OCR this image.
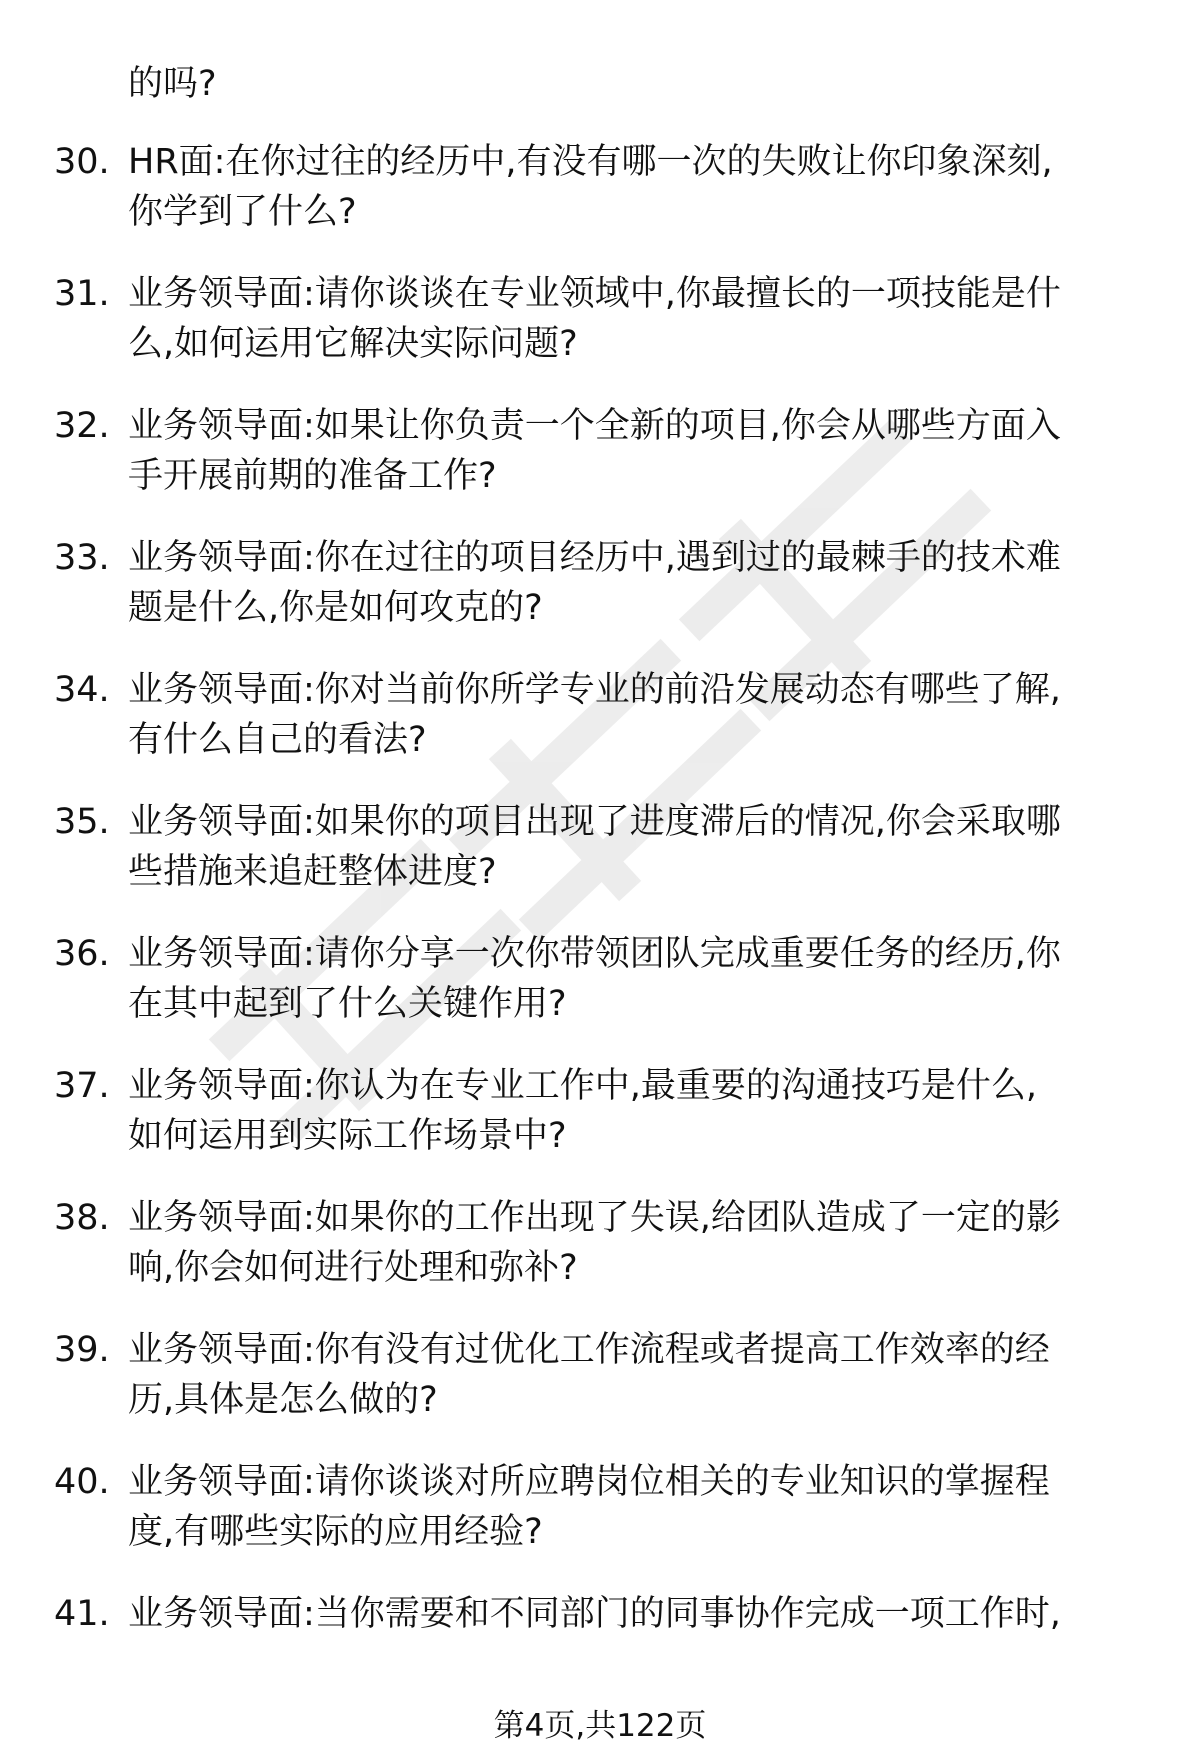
的吗?
30. HR面:在你过往的经历中,有没有哪一次的失败让你印象深刻,
你学到了什么?
31. 业务领导面:请你谈谈在专业领域中,你最擅长的一项技能是什
么,如何运用它解决实际问题?
32. 业务领导面:如果让你负责一个全新的项目,你会从哪些方面入
手开展前期的准备工作?
33. 业务领导面:你在过往的项目经历中,遇到过的最棘手的技术难
题是什么,你是如何攻克的?
34. 业务领导面:你对当前你所学专业的前沿发展动态有哪些了解,
有什么自己的看法?
35. 业务领导面:如果你的项目出现了进度滞后的情况,你会采取哪
些措施来追赶整体进度?
36. 业务领导面:请你分享一次你带领团队完成重要任务的经历,你
在其中起到了什么关键作用?
37. 业务领导面:你认为在专业工作中,最重要的沟通技巧是什么,
如何运用到实际工作场景中?
38. 业务领导面:如果你的工作出现了失误,给团队造成了一定的影
响,你会如何进行处理和弥补?
39. 业务领导面:你有没有过优化工作流程或者提高工作效率的经
历,具体是怎么做的?
40. 业务领导面:请你谈谈对所应聘岗位相关的专业知识的掌握程
度,有哪些实际的应用经验?
41. 业务领导面:当你需要和不同部门的同事协作完成一项工作时,
第4页,共122页
